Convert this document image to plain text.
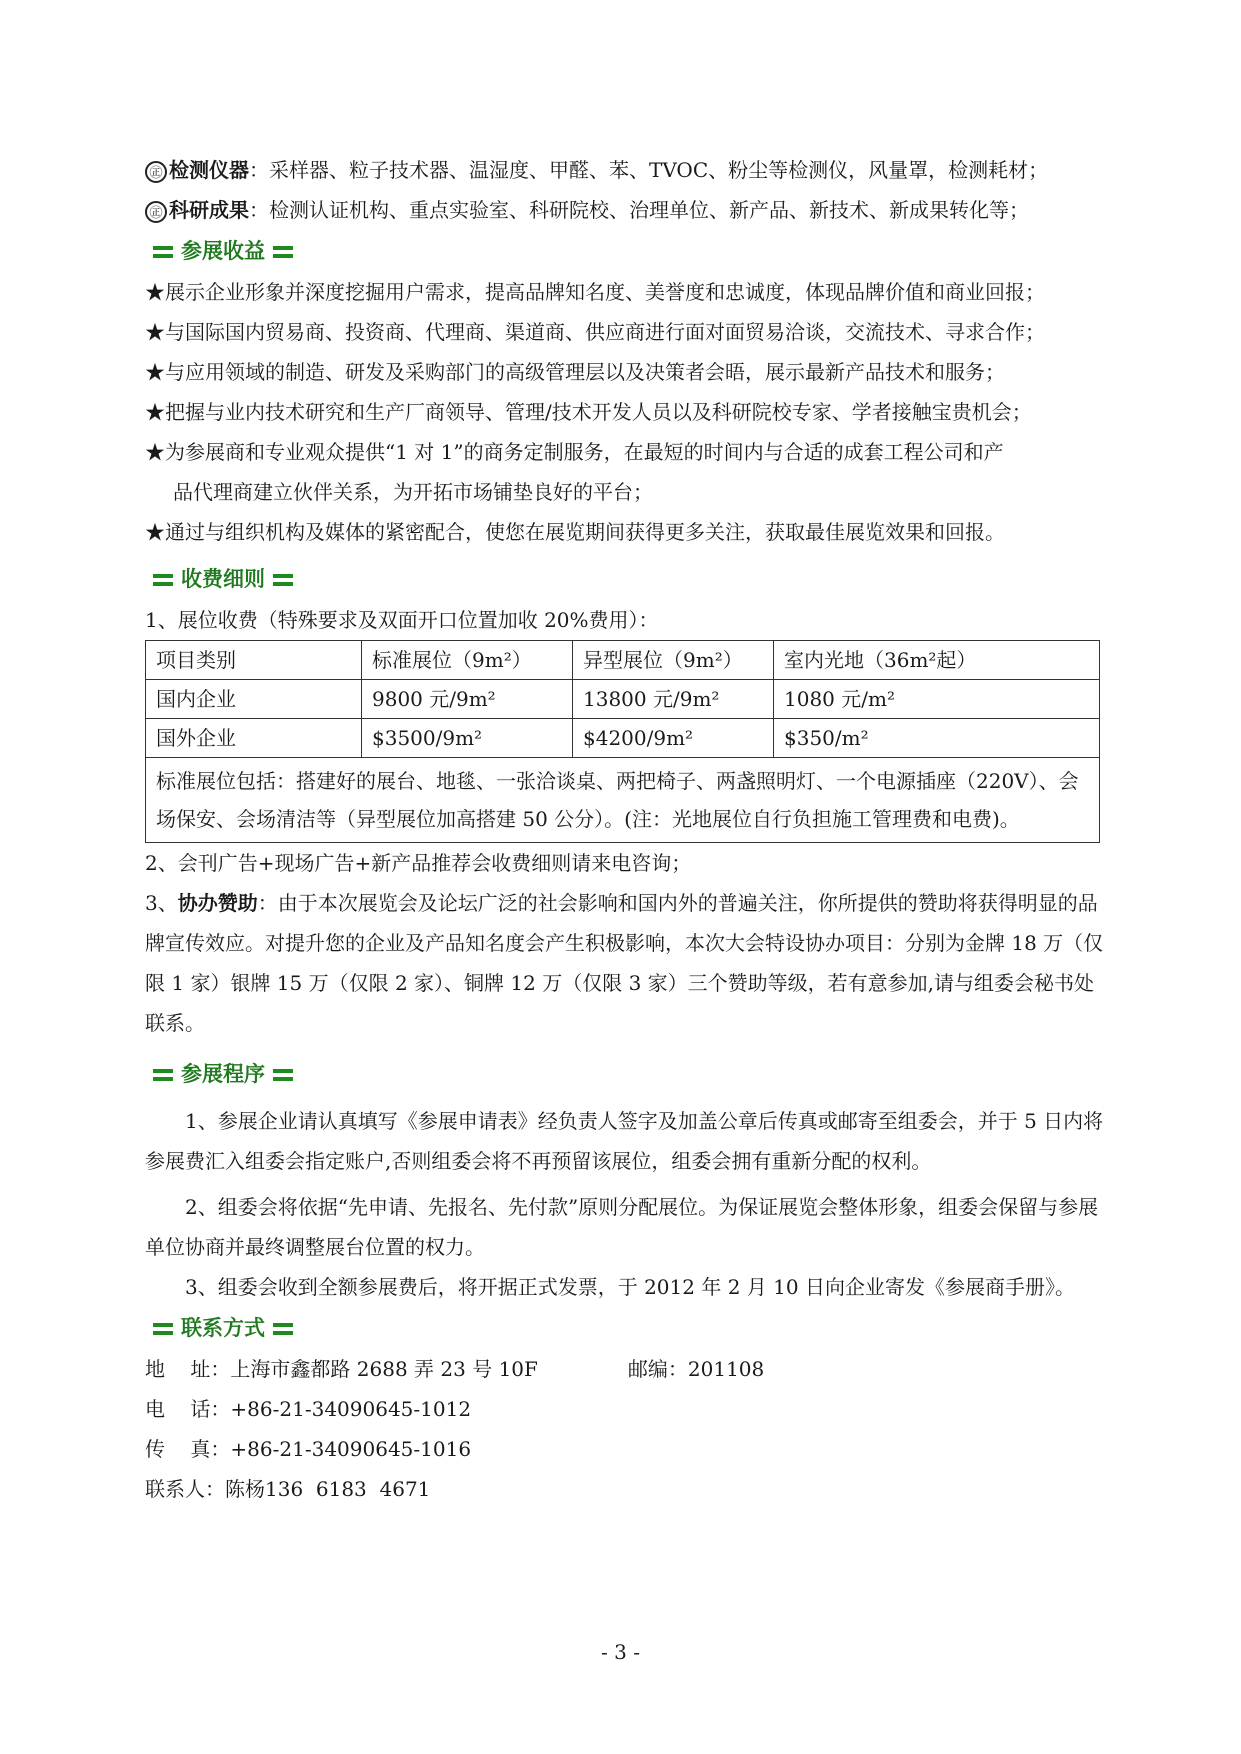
㊣ 检测仪器：采样器、粒子技术器、温湿度、甲醛、苯、TVOC、粉尘等检测仪，风量罩，检测耗材；
㊣ 科研成果：检测认证机构、重点实验室、科研院校、治理单位、新产品、新技术、新成果转化等；
参展收益
★展示企业形象并深度挖掘用户需求，提高品牌知名度、美誉度和忠诚度，体现品牌价值和商业回报；
★与国际国内贸易商、投资商、代理商、渠道商、供应商进行面对面贸易洽谈，交流技术、寻求合作；
★与应用领域的制造、研发及采购部门的高级管理层以及决策者会晤，展示最新产品技术和服务；
★把握与业内技术研究和生产厂商领导、管理/技术开发人员以及科研院校专家、学者接触宝贵机会；
★为参展商和专业观众提供“1 对 1”的商务定制服务，在最短的时间内与合适的成套工程公司和产
品代理商建立伙伴关系，为开拓市场铺垫良好的平台；
★通过与组织机构及媒体的紧密配合，使您在展览期间获得更多关注，获取最佳展览效果和回报。
收费细则
1、展位收费（特殊要求及双面开口位置加收 20%费用）：
项目类别	标准展位（9m²）	异型展位（9m²）	室内光地（36m²起）
国内企业	9800 元/9m²	13800 元/9m²	1080 元/m²
国外企业	$3500/9m²	$4200/9m²	$350/m²
标准展位包括：搭建好的展台、地毯、一张洽谈桌、两把椅子、两盏照明灯、一个电源插座（220V）、会场保安、会场清洁等（异型展位加高搭建 50 公分）。(注：光地展位自行负担施工管理费和电费)。			
2、会刊广告+现场广告+新产品推荐会收费细则请来电咨询；
3、协办赞助：由于本次展览会及论坛广泛的社会影响和国内外的普遍关注，你所提供的赞助将获得明显的品牌宣传效应。对提升您的企业及产品知名度会产生积极影响，本次大会特设协办项目：分别为金牌 18 万（仅限 1 家）银牌 15 万（仅限 2 家）、铜牌 12 万（仅限 3 家）三个赞助等级，若有意参加,请与组委会秘书处联系。
参展程序
1、参展企业请认真填写《参展申请表》经负责人签字及加盖公章后传真或邮寄至组委会，并于 5 日内将参展费汇入组委会指定账户,否则组委会将不再预留该展位，组委会拥有重新分配的权利。
2、组委会将依据“先申请、先报名、先付款”原则分配展位。为保证展览会整体形象，组委会保留与参展单位协商并最终调整展台位置的权力。
3、组委会收到全额参展费后，将开据正式发票，于 2012 年 2 月 10 日向企业寄发《参展商手册》。
联系方式
地    址：上海市鑫都路 2688 弄 23 号 10F	邮编：201108
电    话：+86-21-34090645-1012
传    真：+86-21-34090645-1016
联系人：陈杨136  6183  4671
- 3 -
